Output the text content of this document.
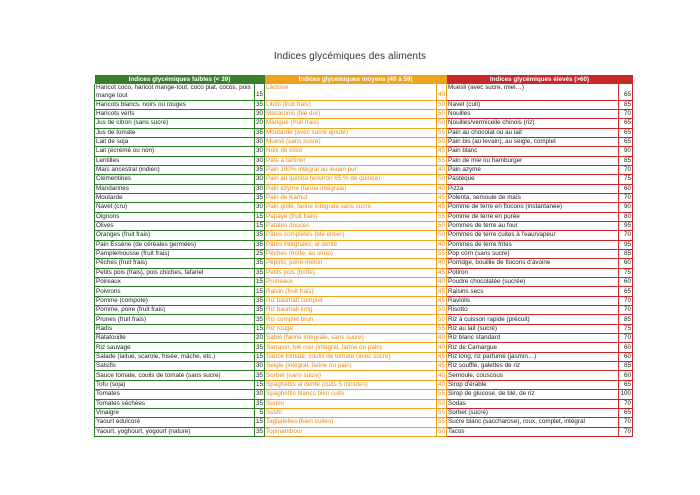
Indices glycémiques des aliments
Indices glycémiques faibles (< 39)		Indices glycémiques moyens (40 à 59)		Indices glycémiques élevés (>60)	
Haricot coco, haricot mange-tout, coco plat, cocos, pois mange tout	15	Lactose	40	Muesli (avec sucre, miel…)	65
Haricots blancs, noirs ou rouges	35	Litchi (fruit frais)	50	Navet (cuit)	85
Haricots verts	30	Macaronis (blé dur)	50	Nouilles	70
Jus de citron (sans sucre)	20	Mangue (fruit frais)	50	Nouilles/vermicelle chinois (riz)	65
Jus de tomate	35	Moutarde (avec sucre ajouté)	55	Pain au chocolat ou au lait	65
Lait de soja	30	Muesli (sans sucre)	50	Pain bis (au levain), au seigle, complet	65
Lait (écrémé ou non)	30	Noix de coco	45	Pain blanc	90
Lentilles	30	Pâte à tartiner	55	Pain de mie ou hamburger	85
Maïs ancestral (indien)	35	Pain 100% intégral au levain pur	40	Pain azyme	70
Clémentines	30	Pain au quinoa (environ 65 % de quinoa)	50	Pastèque	75
Mandarines	30	Pain azyme (farine intégrale)	40	Pizza	60
Moutarde	35	Pain de Kamut	45	Polenta, semoule de maïs	70
Navet (cru)	30	Pain grillé, farine intégrale sans sucre	45	Pomme de terre en flocons (instantanée)	90
Oignons	15	Papaye (fruit frais)	55	Pomme de terre en purée	80
Olives	15	Patates douces	50	Pommes de terre au four	95
Oranges (fruit frais)	35	Pâtes complètes (blé entier)	50	Pommes de terre cuites à l'eau/vapeur	70
Pain Essène (de céréales germées)	35	Pâtes intégrales, al dente	40	Pommes de terre frites	95
Pamplemousse (fruit frais)	25	Pêches (boîte, au sirop)	55	Pop corn (sans sucre)	85
Pêches (fruit frais)	35	Pepino, poire-melon	40	Porridge, bouillie de flocons d'avoine	60
Petits pois (frais), pois chiches, fafanel	35	Petits pois (boîte)	45	Potiron	75
Poireaux	15	Pruneaux	40	Poudre chocolatée (sucrée)	60
Poivrons	15	Raisin (fruit frais)	45	Raisins secs	65
Pomme (compote)	35	Riz basmati complet	45	Raviolis	70
Pomme, poire (fruit frais)	35	Riz basmati long	50	Risotto	70
Prunes (fruit frais)	35	Riz complet brun	50	Riz à cuisson rapide (précuit)	85
Radis	15	Riz rouge	55	Riz au lait (sucré)	75
Ratatouille	20	Sablé (farine intégrale, sans sucre)	40	Riz blanc standard	70
Riz sauvage	35	Sarrasin, blé noir (intégral, farine ou pain)	40	Riz de Camargue	60
Salade (laitue, scarole, frisée, mâche, etc.)	15	Sauce tomate, coulis de tomate (avec sucre)	45	Riz long, riz parfumé (jasmin…)	60
Salsifis	30	Seigle (intégral, farine ou pain)	45	Riz soufflé, galettes de riz	85
Sauce tomate, coulis de tomate (sans sucre)	35	Sorbet (sans sucre)	40	Semoule, couscous	60
Tofu (soja)	15	Spaghettis al dente (cuits 5 minutes)	40	Sirop d'érable	65
Tomates	30	Spaghettis blancs bien cuits	55	Sirop de glucose, de blé, de riz	100
Tomates séchées	35	Surimi	50	Sodas	70
Vinaigre	5	Sushi	55	Sorbet (sucré)	65
Yaourt édulcoré	15	Tagliatelles (bien cuites)	55	Sucre blanc (saccharose), roux, complet, intégral	70
Yaourt, yoghourt, yogourt (nature)	35	Topinambour	50	Tacos	70
